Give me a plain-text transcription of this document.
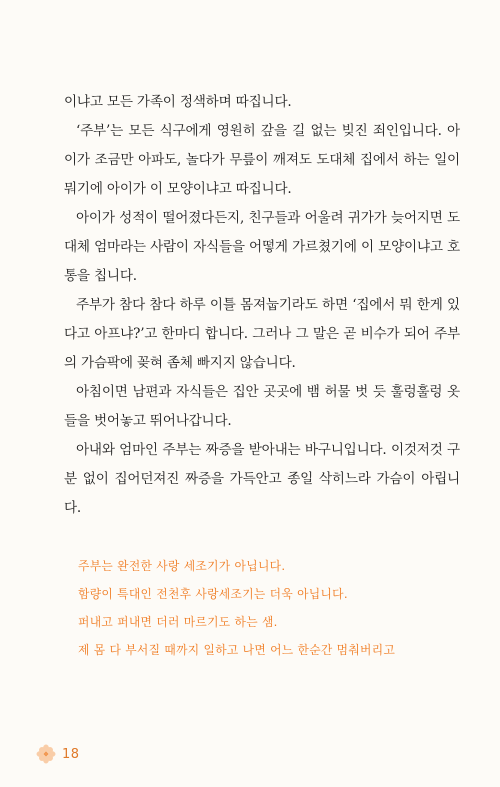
이냐고 모든 가족이 정색하며 따집니다.

‘주부’는 모든 식구에게 영원히 갚을 길 없는 빚진 죄인입니다. 아이가 조금만 아파도, 놀다가 무릎이 깨져도 도대체 집에서 하는 일이 뭐기에 아이가 이 모양이냐고 따집니다.

아이가 성적이 떨어졌다든지, 친구들과 어울려 귀가가 늦어지면 도대체 엄마라는 사람이 자식들을 어떻게 가르쳤기에 이 모양이냐고 호통을 칩니다.

주부가 참다 참다 하루 이틀 몸져눕기라도 하면 ‘집에서 뭐 한게 있다고 아프냐?’고 한마디 합니다. 그러나 그 말은 곧 비수가 되어 주부의 가슴팍에 꽂혀 좀체 빠지지 않습니다.

아침이면 남편과 자식들은 집안 곳곳에 뱀 허물 벗 듯 훌렁훌렁 옷들을 벗어놓고 뛰어나갑니다.

아내와 엄마인 주부는 짜증을 받아내는 바구니입니다. 이것저것 구분 없이 집어던져진 짜증을 가득안고 종일 삭히느라 가슴이 아립니다.

주부는 완전한 사랑 세조기가 아닙니다.
함량이 특대인 전천후 사랑세조기는 더욱 아닙니다.
퍼내고 퍼내면 더러 마르기도 하는 샘.
제 몸 다 부서질 때까지 일하고 나면 어느 한순간 멈춰버리고
18
